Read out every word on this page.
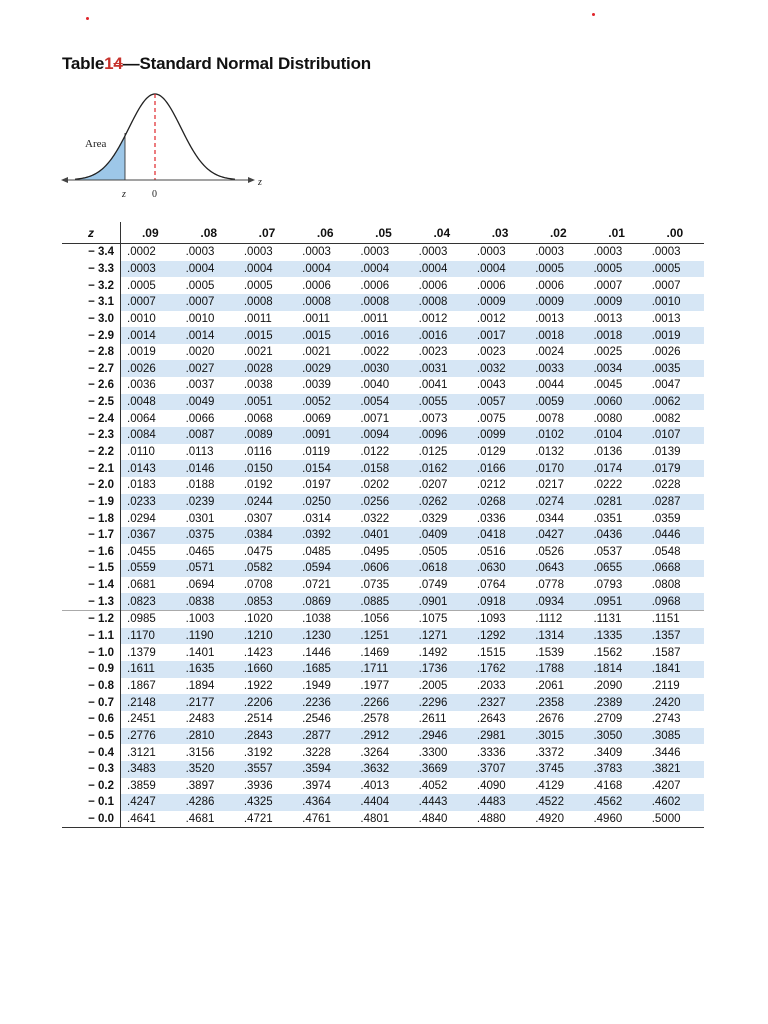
Table14—Standard Normal Distribution
Area
z	0
z
z	.09	.08	.07	.06	.05	.04	.03	.02	.01	.00
− 3.4	.0002	.0003	.0003	.0003	.0003	.0003	.0003	.0003	.0003	.0003
− 3.3	.0003	.0004	.0004	.0004	.0004	.0004	.0004	.0005	.0005	.0005
− 3.2	.0005	.0005	.0005	.0006	.0006	.0006	.0006	.0006	.0007	.0007
− 3.1	.0007	.0007	.0008	.0008	.0008	.0008	.0009	.0009	.0009	.0010
− 3.0	.0010	.0010	.0011	.0011	.0011	.0012	.0012	.0013	.0013	.0013
− 2.9	.0014	.0014	.0015	.0015	.0016	.0016	.0017	.0018	.0018	.0019
− 2.8	.0019	.0020	.0021	.0021	.0022	.0023	.0023	.0024	.0025	.0026
− 2.7	.0026	.0027	.0028	.0029	.0030	.0031	.0032	.0033	.0034	.0035
− 2.6	.0036	.0037	.0038	.0039	.0040	.0041	.0043	.0044	.0045	.0047
− 2.5	.0048	.0049	.0051	.0052	.0054	.0055	.0057	.0059	.0060	.0062
− 2.4	.0064	.0066	.0068	.0069	.0071	.0073	.0075	.0078	.0080	.0082
− 2.3	.0084	.0087	.0089	.0091	.0094	.0096	.0099	.0102	.0104	.0107
− 2.2	.0110	.0113	.0116	.0119	.0122	.0125	.0129	.0132	.0136	.0139
− 2.1	.0143	.0146	.0150	.0154	.0158	.0162	.0166	.0170	.0174	.0179
− 2.0	.0183	.0188	.0192	.0197	.0202	.0207	.0212	.0217	.0222	.0228
− 1.9	.0233	.0239	.0244	.0250	.0256	.0262	.0268	.0274	.0281	.0287
− 1.8	.0294	.0301	.0307	.0314	.0322	.0329	.0336	.0344	.0351	.0359
− 1.7	.0367	.0375	.0384	.0392	.0401	.0409	.0418	.0427	.0436	.0446
− 1.6	.0455	.0465	.0475	.0485	.0495	.0505	.0516	.0526	.0537	.0548
− 1.5	.0559	.0571	.0582	.0594	.0606	.0618	.0630	.0643	.0655	.0668
− 1.4	.0681	.0694	.0708	.0721	.0735	.0749	.0764	.0778	.0793	.0808
− 1.3	.0823	.0838	.0853	.0869	.0885	.0901	.0918	.0934	.0951	.0968
− 1.2	.0985	.1003	.1020	.1038	.1056	.1075	.1093	.1112	.1131	.1151
− 1.1	.1170	.1190	.1210	.1230	.1251	.1271	.1292	.1314	.1335	.1357
− 1.0	.1379	.1401	.1423	.1446	.1469	.1492	.1515	.1539	.1562	.1587
− 0.9	.1611	.1635	.1660	.1685	.1711	.1736	.1762	.1788	.1814	.1841
− 0.8	.1867	.1894	.1922	.1949	.1977	.2005	.2033	.2061	.2090	.2119
− 0.7	.2148	.2177	.2206	.2236	.2266	.2296	.2327	.2358	.2389	.2420
− 0.6	.2451	.2483	.2514	.2546	.2578	.2611	.2643	.2676	.2709	.2743
− 0.5	.2776	.2810	.2843	.2877	.2912	.2946	.2981	.3015	.3050	.3085
− 0.4	.3121	.3156	.3192	.3228	.3264	.3300	.3336	.3372	.3409	.3446
− 0.3	.3483	.3520	.3557	.3594	.3632	.3669	.3707	.3745	.3783	.3821
− 0.2	.3859	.3897	.3936	.3974	.4013	.4052	.4090	.4129	.4168	.4207
− 0.1	.4247	.4286	.4325	.4364	.4404	.4443	.4483	.4522	.4562	.4602
− 0.0	.4641	.4681	.4721	.4761	.4801	.4840	.4880	.4920	.4960	.5000
